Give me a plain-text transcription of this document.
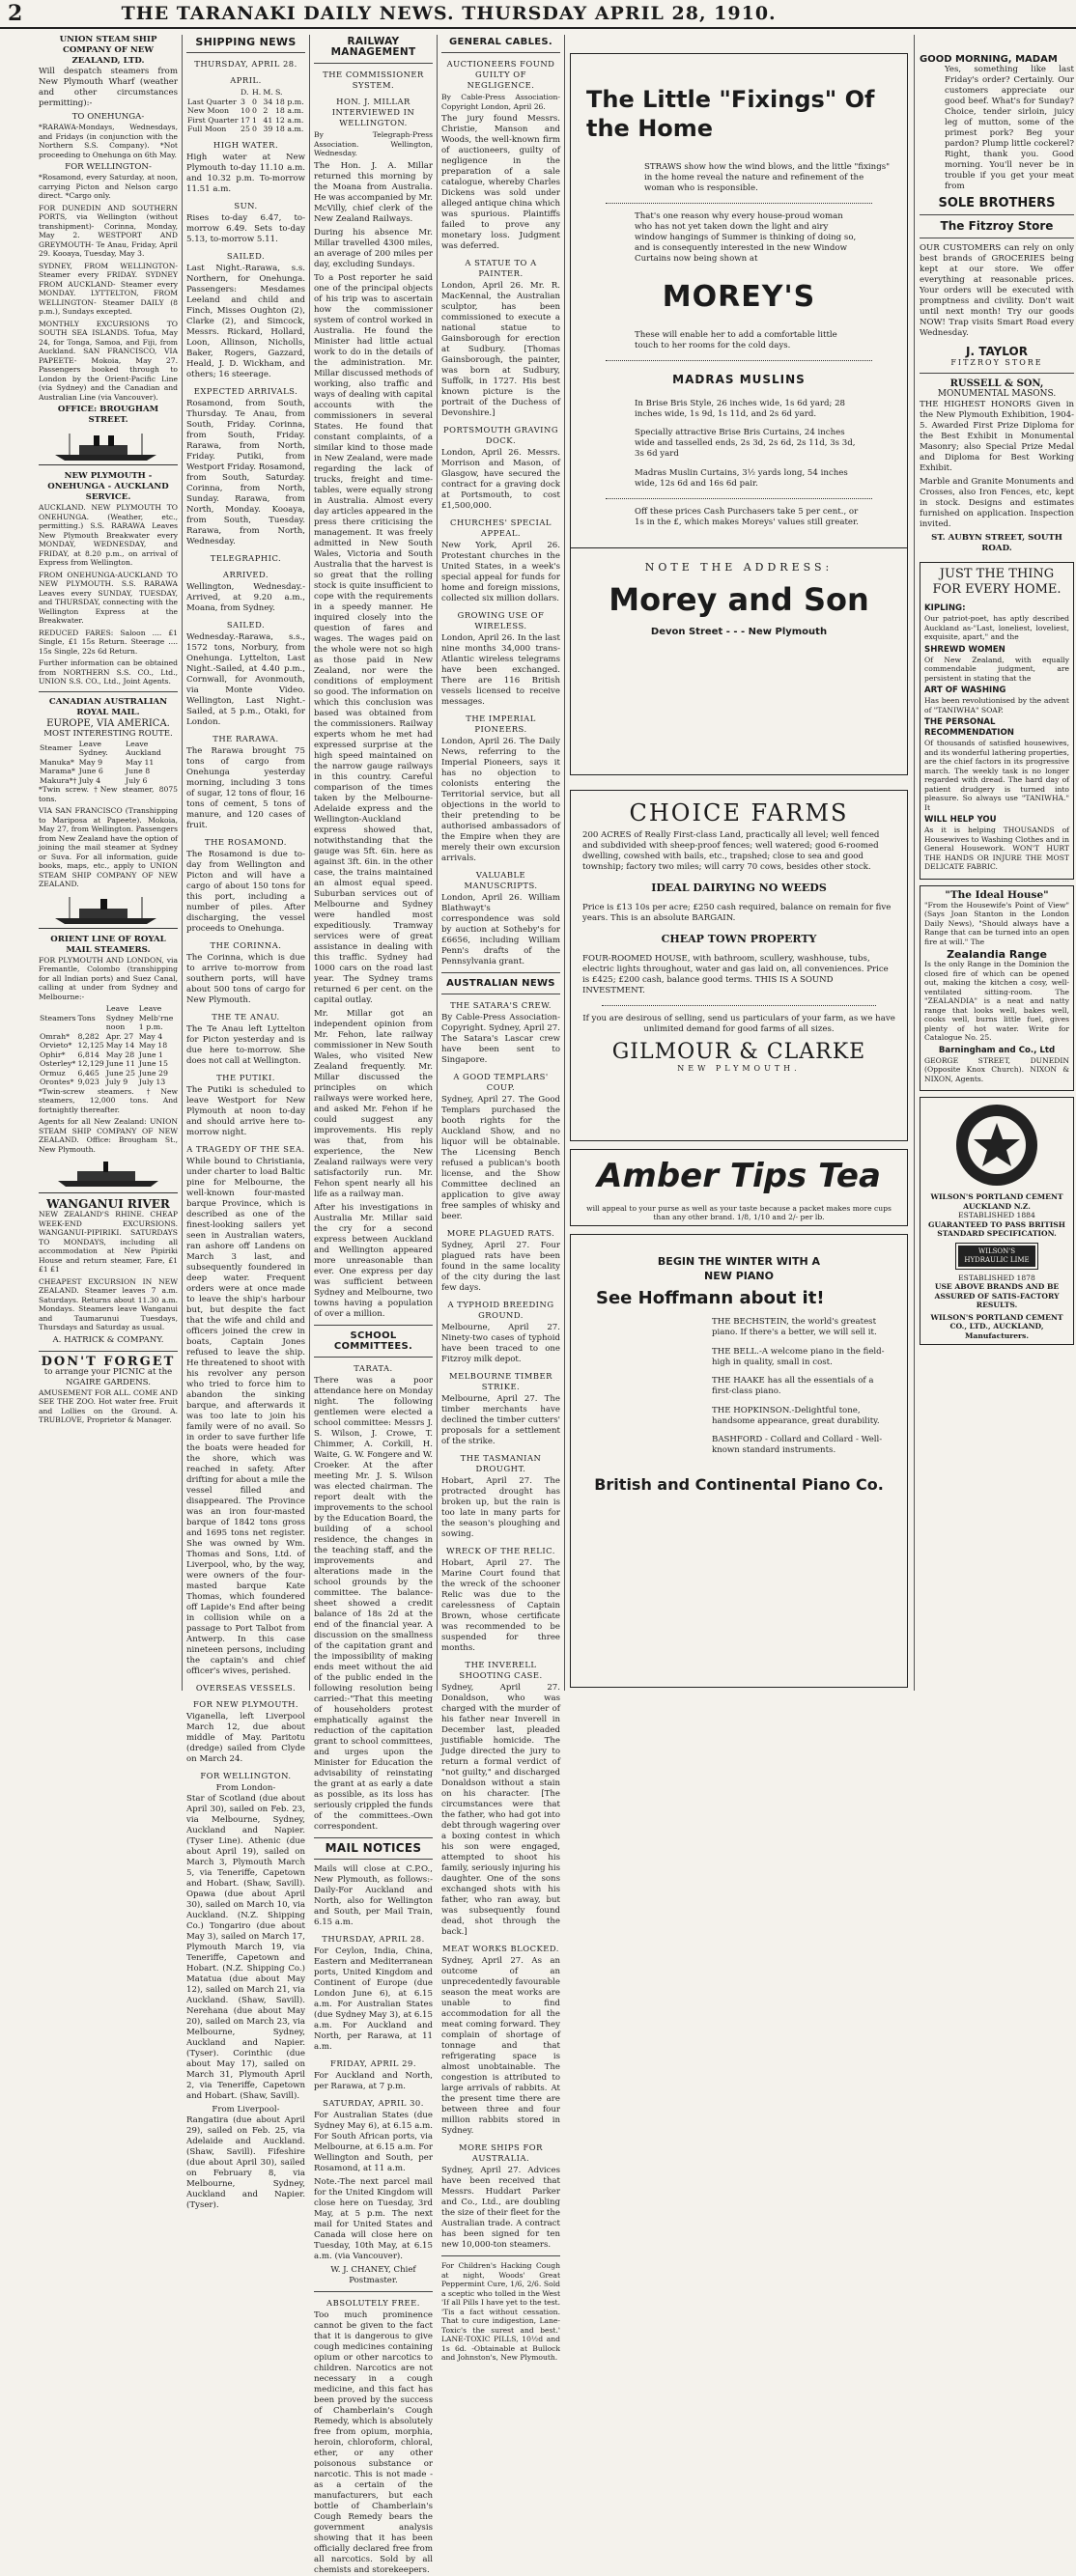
2	THE TARANAKI DAILY NEWS. THURSDAY APRIL 28, 1910.
UNION STEAM SHIP COMPANY OF NEW ZEALAND, LTD.

Will despatch steamers from New Plymouth Wharf (weather and other circumstances permitting):-

TO ONEHUNGA-

*RARAWA-Mondays, Wednesdays, and Fridays (in conjunction with the Northern S.S. Company). *Not proceeding to Onehunga on 6th May.

FOR WELLINGTON-

*Rosamond, every Saturday, at noon, carrying Picton and Nelson cargo direct. *Cargo only.

FOR DUNEDIN AND SOUTHERN PORTS, via Wellington (without transhipment)- Corinna, Monday, May 2. WESTPORT AND GREYMOUTH- Te Anau, Friday, April 29. Kooaya, Tuesday, May 3.

SYDNEY, FROM WELLINGTON- Steamer every FRIDAY. SYDNEY FROM AUCKLAND- Steamer every MONDAY. LYTTELTON, FROM WELLINGTON- Steamer DAILY (8 p.m.), Sundays excepted.

MONTHLY EXCURSIONS TO SOUTH SEA ISLANDS. Tofua, May 24, for Tonga, Samoa, and Fiji, from Auckland. SAN FRANCISCO, VIA PAPEETE- Mokoia, May 27. Passengers booked through to London by the Orient-Pacific Line (via Sydney) and the Canadian and Australian Line (via Vancouver).

OFFICE: BROUGHAM STREET.
NEW PLYMOUTH - ONEHUNGA - AUCKLAND SERVICE.

AUCKLAND. NEW PLYMOUTH TO ONEHUNGA. (Weather, etc., permitting.) S.S. RARAWA Leaves New Plymouth Breakwater every MONDAY, WEDNESDAY, and FRIDAY, at 8.20 p.m., on arrival of Express from Wellington.

FROM ONEHUNGA-AUCKLAND TO NEW PLYMOUTH. S.S. RARAWA Leaves every SUNDAY, TUESDAY, and THURSDAY, connecting with the Wellington Express at the Breakwater.

REDUCED FARES: Saloon .... £1 Single, £1 15s Return. Steerage .... 15s Single, 22s 6d Return.

Further information can be obtained from NORTHERN S.S. CO., Ltd., UNION S.S. CO., Ltd., Joint Agents.

CANADIAN AUSTRALIAN ROYAL MAIL.
EUROPE, VIA AMERICA.
MOST INTERESTING ROUTE.
Steamer	Leave Sydney.	Leave Auckland
Manuka*	May 9	May 11
Marama*	June 6	June 8
Makura*†	July 4	July 6

*Twin screw. †New steamer, 8075 tons.

VIA SAN FRANCISCO (Transhipping to Mariposa at Papeete). Mokoia, May 27, from Wellington. Passengers from New Zealand have the option of joining the mail steamer at Sydney or Suva. For all information, guide books, maps, etc., apply to UNION STEAM SHIP COMPANY OF NEW ZEALAND.

ORIENT LINE OF ROYAL MAIL STEAMERS.

FOR PLYMOUTH AND LONDON, via Fremantle, Colombo (transhipping for all Indian ports) and Suez Canal, calling at under from Sydney and Melbourne:-

Steamers	Tons	Leave Sydney noon	Leave Melb'rne 1 p.m.
Omrah*	8,282	Apr. 27	May 4
Orvieto*	12,125	May 14	May 18
Ophir*	6,814	May 28	June 1
Osterley*	12,129	June 11	June 15
Ormuz	6,465	June 25	June 29
Orontes*	9,023	July 9	July 13

*Twin-screw steamers. †New steamers, 12,000 tons. And fortnightly thereafter.

Agents for all New Zealand: UNION STEAM SHIP COMPANY OF NEW ZEALAND. Office: Brougham St., New Plymouth.

WANGANUI RIVER

NEW ZEALAND'S RHINE. CHEAP WEEK-END EXCURSIONS. WANGANUI-PIPIRIKI. SATURDAYS TO MONDAYS, including all accommodation at New Pipiriki House and return steamer, Fare, £1 £1 £1

CHEAPEST EXCURSION IN NEW ZEALAND. Steamer leaves 7 a.m. Saturdays. Returns about 11.30 a.m. Mondays. Steamers leave Wanganui and Taumarunui Tuesdays, Thursdays and Saturday as usual.

A. HATRICK & COMPANY.
DON'T FORGET
to arrange your PICNIC at the NGAIRE GARDENS.

AMUSEMENT FOR ALL. COME AND SEE THE ZOO. Hot water free. Fruit and Lollies on the Ground. A. TRUBLOVE, Proprietor & Manager.

SHIPPING NEWS
THURSDAY, APRIL 28.
APRIL.
	D.	H.	M.	S.
Last Quarter	3	0	34	18 p.m.
New Moon	10	0	2	18 a.m.
First Quarter	17	1	41	12 a.m.
Full Moon	25	0	39	18 a.m.
HIGH WATER.

High water at New Plymouth to-day 11.10 a.m. and 10.32 p.m. To-morrow 11.51 a.m.

SUN.

Rises to-day 6.47, to-morrow 6.49. Sets to-day 5.13, to-morrow 5.11.

SAILED.

Last Night.-Rarawa, s.s. Northern, for Onehunga. Passengers: Mesdames Leeland and child and Finch, Misses Oughton (2), Clarke (2), and Simcock, Messrs. Rickard, Hollard, Loon, Allinson, Nicholls, Baker, Rogers, Gazzard, Heald, J. D. Wickham, and others; 16 steerage.

EXPECTED ARRIVALS.

Rosamond, from South, Thursday. Te Anau, from South, Friday. Corinna, from South, Friday. Rarawa, from North, Friday. Putiki, from Westport Friday. Rosamond, from South, Saturday. Corinna, from North, Sunday. Rarawa, from North, Monday. Kooaya, from South, Tuesday. Rarawa, from North, Wednesday.

TELEGRAPHIC.
ARRIVED.

Wellington, Wednesday.-Arrived, at 9.20 a.m., Moana, from Sydney.

SAILED.

Wednesday.-Rarawa, s.s., 1572 tons, Norbury, from Onehunga. Lyttelton, Last Night.-Sailed, at 4.40 p.m., Cornwall, for Avonmouth, via Monte Video. Wellington, Last Night.-Sailed, at 5 p.m., Otaki, for London.

THE RARAWA.

The Rarawa brought 75 tons of cargo from Onehunga yesterday morning, including 3 tons of sugar, 12 tons of flour, 16 tons of cement, 5 tons of manure, and 120 cases of fruit.

THE ROSAMOND.

The Rosamond is due to-day from Wellington and Picton and will have a cargo of about 150 tons for this port, including a number of piles. After discharging, the vessel proceeds to Onehunga.

THE CORINNA.

The Corinna, which is due to arrive to-morrow from southern ports, will have about 500 tons of cargo for New Plymouth.

THE TE ANAU.

The Te Anau left Lyttelton for Picton yesterday and is due here to-morrow. She does not call at Wellington.

THE PUTIKI.

The Putiki is scheduled to leave Westport for New Plymouth at noon to-day and should arrive here to-morrow night.

A TRAGEDY OF THE SEA.

While bound to Christiania, under charter to load Baltic pine for Melbourne, the well-known four-masted barque Province, which is described as one of the finest-looking sailers yet seen in Australian waters, ran ashore off Landens on March 3 last, and subsequently foundered in deep water. Frequent orders were at once made to leave the ship's harbour but, but despite the fact that the wife and child and officers joined the crew in boats, Captain Jones refused to leave the ship. He threatened to shoot with his revolver any person who tried to force him to abandon the sinking barque, and afterwards it was too late to join his family were of no avail. So in order to save further life the boats were headed for the shore, which was reached in safety. After drifting for about a mile the vessel filled and disappeared. The Province was an iron four-masted barque of 1842 tons gross and 1695 tons net register. She was owned by Wm. Thomas and Sons, Ltd. of Liverpool, who, by the way, were owners of the four-masted barque Kate Thomas, which foundered off Lapide's End after being in collision while on a passage to Port Talbot from Antwerp. In this case nineteen persons, including the captain's and chief officer's wives, perished.

OVERSEAS VESSELS.
FOR NEW PLYMOUTH.

Viganella, left Liverpool March 12, due about middle of May. Paritotu (dredge) sailed from Clyde on March 24.

FOR WELLINGTON.
From London-

Star of Scotland (due about April 30), sailed on Feb. 23, via Melbourne, Sydney, Auckland and Napier. (Tyser Line). Athenic (due about April 19), sailed on March 3, Plymouth March 5, via Teneriffe, Capetown and Hobart. (Shaw, Savill). Opawa (due about April 30), sailed on March 10, via Auckland. (N.Z. Shipping Co.) Tongariro (due about May 3), sailed on March 17, Plymouth March 19, via Teneriffe, Capetown and Hobart. (N.Z. Shipping Co.) Matatua (due about May 12), sailed on March 21, via Auckland. (Shaw, Savill). Nerehana (due about May 20), sailed on March 23, via Melbourne, Sydney, Auckland and Napier. (Tyser). Corinthic (due about May 17), sailed on March 31, Plymouth April 2, via Teneriffe, Capetown and Hobart. (Shaw, Savill).

From Liverpool-

Rangatira (due about April 29), sailed on Feb. 25, via Adelaide and Auckland. (Shaw, Savill). Fifeshire (due about April 30), sailed on February 8, via Melbourne, Sydney, Auckland and Napier. (Tyser).

RAILWAY MANAGEMENT
THE COMMISSIONER SYSTEM.
HON. J. MILLAR INTERVIEWED IN WELLINGTON.

By Telegraph-Press Association. Wellington, Wednesday.

The Hon. J. A. Millar returned this morning by the Moana from Australia. He was accompanied by Mr. McVilly, chief clerk of the New Zealand Railways.

During his absence Mr. Millar travelled 4300 miles, an average of 200 miles per day, excluding Sundays.

To a Post reporter he said one of the principal objects of his trip was to ascertain how the commissioner system of control worked in Australia. He found the Minister had little actual work to do in the details of the administration. Mr. Millar discussed methods of working, also traffic and ways of dealing with capital accounts with the commissioners in several States. He found that constant complaints, of a similar kind to those made in New Zealand, were made regarding the lack of trucks, freight and time-tables, were equally strong in Australia. Almost every day articles appeared in the press there criticising the management. It was freely admitted in New South Wales, Victoria and South Australia that the harvest is so great that the rolling stock is quite insufficient to cope with the requirements in a speedy manner. He inquired closely into the question of fares and wages. The wages paid on the whole were not so high as those paid in New Zealand, nor were the conditions of employment so good. The information on which this conclusion was based was obtained from the commissioners. Railway experts whom he met had expressed surprise at the high speed maintained on the narrow gauge railways in this country. Careful comparison of the times taken by the Melbourne-Adelaide express and the Wellington-Auckland express showed that, notwithstanding that the gauge was 5ft. 6in. here as against 3ft. 6in. in the other case, the trains maintained an almost equal speed. Suburban services out of Melbourne and Sydney were handled most expeditiously. Tramway services were of great assistance in dealing with this traffic. Sydney had 1000 cars on the road last year. The Sydney trams returned 6 per cent. on the capital outlay.

Mr. Millar got an independent opinion from Mr. Fehon, late railway commissioner in New South Wales, who visited New Zealand frequently. Mr. Millar discussed the principles on which railways were worked here, and asked Mr. Fehon if he could suggest any improvements. His reply was that, from his experience, the New Zealand railways were very satisfactorily run. Mr. Fehon spent nearly all his life as a railway man.

After his investigations in Australia Mr. Millar said the cry for a second express between Auckland and Wellington appeared more unreasonable than ever. One express per day was sufficient between Sydney and Melbourne, two towns having a population of over a million.

SCHOOL COMMITTEES.
TARATA.

There was a poor attendance here on Monday night. The following gentlemen were elected a school committee: Messrs J. S. Wilson, J. Crowe, T. Chimmer, A. Corkill, H. Waite, G. W. Fongere and W. Croeker. At the after meeting Mr. J. S. Wilson was elected chairman. The report dealt with the improvements to the school by the Education Board, the building of a school residence, the changes in the teaching staff, and the improvements and alterations made in the school grounds by the committee. The balance-sheet showed a credit balance of 18s 2d at the end of the financial year. A discussion on the smallness of the capitation grant and the impossibility of making ends meet without the aid of the public ended in the following resolution being carried:-"That this meeting of householders protest emphatically against the reduction of the capitation grant to school committees, and urges upon the Minister for Education the advisability of reinstating the grant at as early a date as possible, as its loss has seriously crippled the funds of the committees.-Own correspondent.

MAIL NOTICES

Mails will close at C.P.O., New Plymouth, as follows:- Daily-For Auckland and North, also for Wellington and South, per Mail Train, 6.15 a.m.

THURSDAY, APRIL 28.

For Ceylon, India, China, Eastern and Mediterranean ports, United Kingdom and Continent of Europe (due London June 6), at 6.15 a.m. For Australian States (due Sydney May 3), at 6.15 a.m. For Auckland and North, per Rarawa, at 11 a.m.

FRIDAY, APRIL 29.

For Auckland and North, per Rarawa, at 7 p.m.

SATURDAY, APRIL 30.

For Australian States (due Sydney May 6), at 6.15 a.m. For South African ports, via Melbourne, at 6.15 a.m. For Wellington and South, per Rosamond, at 11 a.m.

Note.-The next parcel mail for the United Kingdom will close here on Tuesday, 3rd May, at 5 p.m. The next mail for United States and Canada will close here on Tuesday, 10th May, at 6.15 a.m. (via Vancouver).

W. J. CHANEY, Chief Postmaster.
ABSOLUTELY FREE.

Too much prominence cannot be given to the fact that it is dangerous to give cough medicines containing opium or other narcotics to children. Narcotics are not necessary in a cough medicine, and this fact has been proved by the success of Chamberlain's Cough Remedy, which is absolutely free from opium, morphia, heroin, chloroform, chloral, ether, or any other poisonous substance or narcotic. This is not made - as a certain of the manufacturers, but each bottle of Chamberlain's Cough Remedy bears the government analysis showing that it has been officially declared free from all narcotics. Sold by all chemists and storekeepers.

GENERAL CABLES.
AUCTIONEERS FOUND GUILTY OF NEGLIGENCE.

By Cable-Press Association-Copyright London, April 26.

The jury found Messrs. Christie, Manson and Woods, the well-known firm of auctioneers, guilty of negligence in the preparation of a sale catalogue, whereby Charles Dickens was sold under alleged antique china which was spurious. Plaintiffs failed to prove any monetary loss. Judgment was deferred.

A STATUE TO A PAINTER.

London, April 26. Mr. R. MacKennal, the Australian sculptor, has been commissioned to execute a national statue to Gainsborough for erection at Sudbury. [Thomas Gainsborough, the painter, was born at Sudbury, Suffolk, in 1727. His best known picture is the portrait of the Duchess of Devonshire.]

PORTSMOUTH GRAVING DOCK.

London, April 26. Messrs. Morrison and Mason, of Glasgow, have secured the contract for a graving dock at Portsmouth, to cost £1,500,000.

CHURCHES' SPECIAL APPEAL.

New York, April 26. Protestant churches in the United States, in a week's special appeal for funds for home and foreign missions, collected six million dollars.

GROWING USE OF WIRELESS.

London, April 26. In the last nine months 34,000 trans-Atlantic wireless telegrams have been exchanged. There are 116 British vessels licensed to receive messages.

THE IMPERIAL PIONEERS.

London, April 26. The Daily News, referring to the Imperial Pioneers, says it has no objection to colonists entering the Territorial service, but all objections in the world to their pretending to be authorised ambassadors of the Empire when they are merely their own excursion arrivals.

VALUABLE MANUSCRIPTS.

London, April 26. William Blathwayt's correspondence was sold by auction at Sotheby's for £6656, including William Penn's drafts of the Pennsylvania grant.

AUSTRALIAN NEWS
THE SATARA'S CREW.

By Cable-Press Association-Copyright. Sydney, April 27. The Satara's Lascar crew have been sent to Singapore.

A GOOD TEMPLARS' COUP.

Sydney, April 27. The Good Templars purchased the booth rights for the Auckland Show, and no liquor will be obtainable. The Licensing Bench refused a publican's booth license, and the Show Committee declined an application to give away free samples of whisky and beer.

MORE PLAGUED RATS.

Sydney, April 27. Four plagued rats have been found in the same locality of the city during the last few days.

A TYPHOID BREEDING GROUND.

Melbourne, April 27. Ninety-two cases of typhoid have been traced to one Fitzroy milk depot.

MELBOURNE TIMBER STRIKE.

Melbourne, April 27. The timber merchants have declined the timber cutters' proposals for a settlement of the strike.

THE TASMANIAN DROUGHT.

Hobart, April 27. The protracted drought has broken up, but the rain is too late in many parts for the season's ploughing and sowing.

WRECK OF THE RELIC.

Hobart, April 27. The Marine Court found that the wreck of the schooner Relic was due to the carelessness of Captain Brown, whose certificate was recommended to be suspended for three months.

THE INVERELL SHOOTING CASE.

Sydney, April 27. Donaldson, who was charged with the murder of his father near Inverell in December last, pleaded justifiable homicide. The Judge directed the jury to return a formal verdict of "not guilty," and discharged Donaldson without a stain on his character. [The circumstances were that the father, who had got into debt through wagering over a boxing contest in which his son were engaged, attempted to shoot his family, seriously injuring his daughter. One of the sons exchanged shots with his father, who ran away, but was subsequently found dead, shot through the back.]

MEAT WORKS BLOCKED.

Sydney, April 27. As an outcome of an unprecedentedly favourable season the meat works are unable to find accommodation for all the meat coming forward. They complain of shortage of tonnage and that refrigerating space is almost unobtainable. The congestion is attributed to large arrivals of rabbits. At the present time there are between three and four million rabbits stored in Sydney.

MORE SHIPS FOR AUSTRALIA.

Sydney, April 27. Advices have been received that Messrs. Huddart Parker and Co., Ltd., are doubling the size of their fleet for the Australian trade. A contract has been signed for ten new 10,000-ton steamers.

For Children's Hacking Cough at night, Woods' Great Peppermint Cure, 1/6, 2/6. Sold a sceptic who tolled in the West 'If all Pills I have yet to the test. 'Tis a fact without cessation. That to cure indigestion, Lane-Toxic's the surest and best.' LANE-TOXIC PILLS, 10½d and 1s 6d. -Obtainable at Bullock and Johnston's, New Plymouth.

The Little "Fixings" Of the Home

STRAWS show how the wind blows, and the little "fixings" in the home reveal the nature and refinement of the woman who is responsible.

That's one reason why every house-proud woman who has not yet taken down the light and airy window hangings of Summer is thinking of doing so, and is consequently interested in the new Window Curtains now being shown at

MOREY'S

These will enable her to add a comfortable little touch to her rooms for the cold days.

MADRAS MUSLINS

In Brise Bris Style, 26 inches wide, 1s 6d yard; 28 inches wide, 1s 9d, 1s 11d, and 2s 6d yard.

Specially attractive Brise Bris Curtains, 24 inches wide and tasselled ends, 2s 3d, 2s 6d, 2s 11d, 3s 3d, 3s 6d yard

Madras Muslin Curtains, 3½ yards long, 54 inches wide, 12s 6d and 16s 6d pair.

Off these prices Cash Purchasers take 5 per cent., or 1s in the £, which makes Moreys' values still greater.

NOTE THE ADDRESS:
Morey and Son
Devon Street - - - New Plymouth
CHOICE FARMS

200 ACRES of Really First-class Land, practically all level; well fenced and subdivided with sheep-proof fences; well watered; good 6-roomed dwelling, cowshed with bails, etc., trapshed; close to sea and good township; factory two miles; will carry 70 cows, besides other stock.

IDEAL DAIRYING NO WEEDS

Price is £13 10s per acre; £250 cash required, balance on remain for five years. This is an absolute BARGAIN.

CHEAP TOWN PROPERTY

FOUR-ROOMED HOUSE, with bathroom, scullery, washhouse, tubs, electric lights throughout, water and gas laid on, all conveniences. Price is £425; £200 cash, balance good terms. THIS IS A SOUND INVESTMENT.

If you are desirous of selling, send us particulars of your farm, as we have unlimited demand for good farms of all sizes.

GILMOUR & CLARKE
NEW PLYMOUTH.
Amber Tips Tea

will appeal to your purse as well as your taste because a packet makes more cups than any other brand. 1/8, 1/10 and 2/- per lb.

BEGIN THE WINTER WITH A NEW PIANO
See Hoffmann about it!

THE BECHSTEIN, the world's greatest piano. If there's a better, we will sell it.

THE BELL.-A welcome piano in the field-high in quality, small in cost.

THE HAAKE has all the essentials of a first-class piano.

THE HOPKINSON.-Delightful tone, handsome appearance, great durability.

BASHFORD - Collard and Collard - Well-known standard instruments.

British and Continental Piano Co.
GOOD MORNING, MADAM

Yes, something like last Friday's order? Certainly. Our customers appreciate our good beef. What's for Sunday? Choice, tender sirloin, juicy leg of mutton, some of the primest pork? Beg your pardon? Plump little cockerel? Right, thank you. Good morning. You'll never be in trouble if you get your meat from

SOLE BROTHERS
The Fitzroy Store

OUR CUSTOMERS can rely on only best brands of GROCERIES being kept at our store. We offer everything at reasonable prices. Your orders will be executed with promptness and civility. Don't wait until next month! Try our goods NOW! Trap visits Smart Road every Wednesday.

J. TAYLOR
FITZROY STORE
RUSSELL & SON,
MONUMENTAL MASONS.

THE HIGHEST HONORS Given in the New Plymouth Exhibition, 1904-5. Awarded First Prize Diploma for the Best Exhibit in Monumental Masonry; also Special Prize Medal and Diploma for Best Working Exhibit.

Marble and Granite Monuments and Crosses, also Iron Fences, etc, kept in stock. Designs and estimates furnished on application. Inspection invited.

ST. AUBYN STREET, SOUTH ROAD.
JUST THE THING FOR EVERY HOME.
KIPLING:

Our patriot-poet, has aptly described Auckland as-"Last, loneliest, loveliest, exquisite, apart," and the

SHREWD WOMEN

Of New Zealand, with equally commendable judgment, are persistent in stating that the

ART OF WASHING

Has been revolutionised by the advent of "TANIWHA" SOAP.

THE PERSONAL RECOMMENDATION

Of thousands of satisfied housewives, and its wonderful lathering properties, are the chief factors in its progressive march. The weekly task is no longer regarded with dread. The hard day of patient drudgery is turned into pleasure. So always use "TANIWHA." It

WILL HELP YOU

As it is helping THOUSANDS of Housewives to Washing Clothes and in General Housework. WON'T HURT THE HANDS OR INJURE THE MOST DELICATE FABRIC.

"The Ideal House"

"From the Housewife's Point of View" (Says Joan Stanton in the London Daily News), "Should always have a Range that can be turned into an open fire at will." The

Zealandia Range

Is the only Range in the Dominion the closed fire of which can be opened out, making the kitchen a cosy, well-ventilated sitting-room. The "ZEALANDIA" is a neat and natty range that looks well, bakes well, cooks well, burns little fuel, gives plenty of hot water. Write for Catalogue No. 25.

Barningham and Co., Ltd

GEORGE STREET, DUNEDIN (Opposite Knox Church). NIXON & NIXON, Agents.

WILSON'S PORTLAND CEMENT AUCKLAND N.Z.
ESTABLISHED 1884
GUARANTEED TO PASS BRITISH STANDARD SPECIFICATION.
WILSON'S HYDRAULIC LIME
ESTABLISHED 1878
USE ABOVE BRANDS AND BE ASSURED OF SATIS-FACTORY RESULTS.
WILSON'S PORTLAND CEMENT CO., LTD., AUCKLAND, Manufacturers.
